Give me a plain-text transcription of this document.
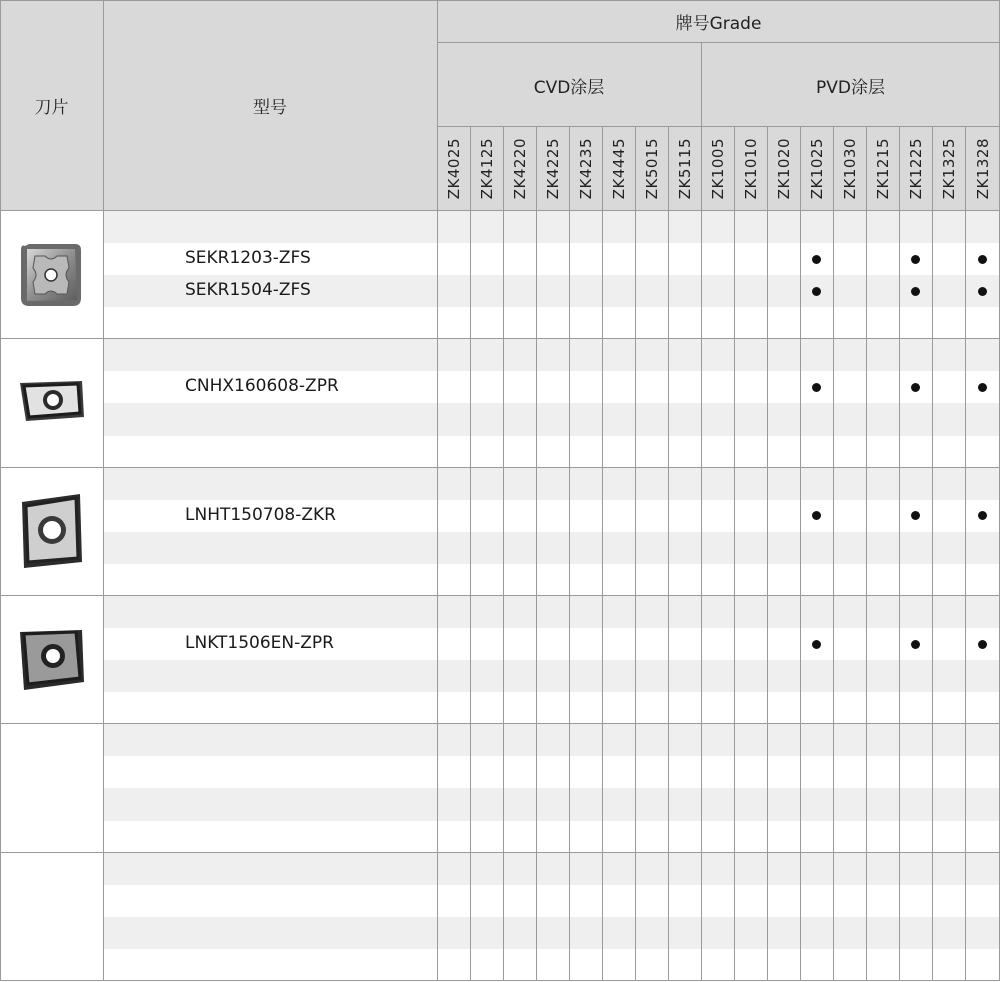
刀片	型号
牌号Grade
CVD涂层	PVD涂层
ZK4025 ZK4125 ZK4220 ZK4225 ZK4235 ZK4445 ZK5015 ZK5115 ZK1005 ZK1010 ZK1020 ZK1025 ZK1030 ZK1215 ZK1225 ZK1325 ZK1328
SEKR1203-ZFS
SEKR1504-ZFS
CNHX160608-ZPR
LNHT150708-ZKR
LNKT1506EN-ZPR
